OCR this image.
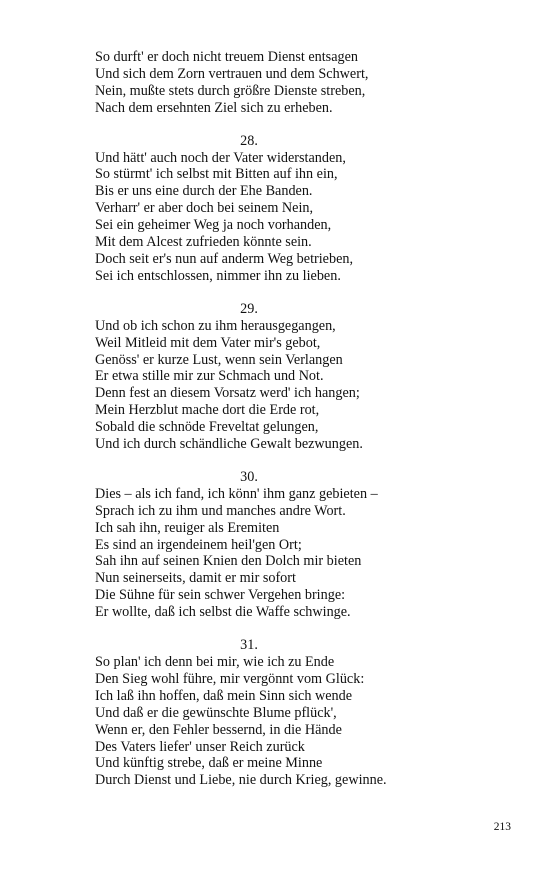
So durft' er doch nicht treuem Dienst entsagen
Und sich dem Zorn vertrauen und dem Schwert,
Nein, mußte stets durch größre Dienste streben,
Nach dem ersehnten Ziel sich zu erheben.
28.
Und hätt' auch noch der Vater widerstanden,
So stürmt' ich selbst mit Bitten auf ihn ein,
Bis er uns eine durch der Ehe Banden.
Verharr' er aber doch bei seinem Nein,
Sei ein geheimer Weg ja noch vorhanden,
Mit dem Alcest zufrieden könnte sein.
Doch seit er's nun auf anderm Weg betrieben,
Sei ich entschlossen, nimmer ihn zu lieben.
29.
Und ob ich schon zu ihm herausgegangen,
Weil Mitleid mit dem Vater mir's gebot,
Genöss' er kurze Lust, wenn sein Verlangen
Er etwa stille mir zur Schmach und Not.
Denn fest an diesem Vorsatz werd' ich hangen;
Mein Herzblut mache dort die Erde rot,
Sobald die schnöde Freveltat gelungen,
Und ich durch schändliche Gewalt bezwungen.
30.
Dies – als ich fand, ich könn' ihm ganz gebieten –
Sprach ich zu ihm und manches andre Wort.
Ich sah ihn, reuiger als Eremiten
Es sind an irgendeinem heil'gen Ort;
Sah ihn auf seinen Knien den Dolch mir bieten
Nun seinerseits, damit er mir sofort
Die Sühne für sein schwer Vergehen bringe:
Er wollte, daß ich selbst die Waffe schwinge.
31.
So plan' ich denn bei mir, wie ich zu Ende
Den Sieg wohl führe, mir vergönnt vom Glück:
Ich laß ihn hoffen, daß mein Sinn sich wende
Und daß er die gewünschte Blume pflück',
Wenn er, den Fehler bessernd, in die Hände
Des Vaters liefer' unser Reich zurück
Und künftig strebe, daß er meine Minne
Durch Dienst und Liebe, nie durch Krieg, gewinne.
213
